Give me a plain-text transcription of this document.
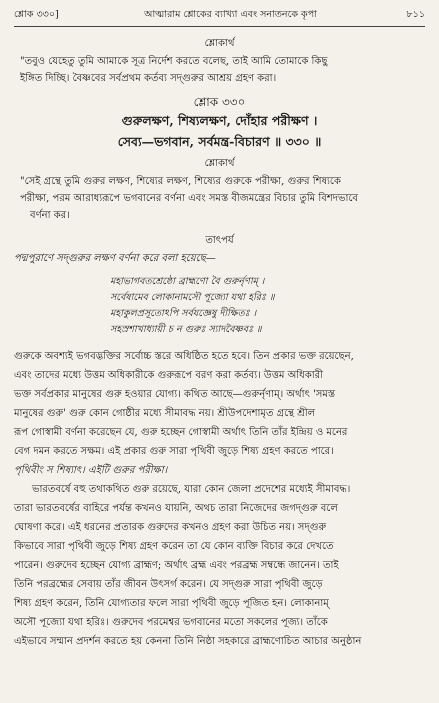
শ্লোক ৩৩০]	আত্মারাম শ্লোকের ব্যাখ্যা এবং সনাতনকে কৃপা	৮১১
শ্লোকার্থ
"তবুও যেহেতু তুমি আমাকে সূত্র নির্দেশ করতে বলেছ, তাই আমি তোমাকে কিছু
ইঙ্গিত দিচ্ছি। বৈষ্ণবের সর্বপ্রথম কর্তব্য সদ্গুরুর আশ্রয় গ্রহণ করা।
শ্লোক ৩৩০
গুরুলক্ষণ, শিষ্যলক্ষণ, দোঁহার পরীক্ষণ ।
সেব্য—ভগবান, সর্বমন্ত্র-বিচারণ ॥ ৩৩০ ॥
শ্লোকার্থ
"সেই গ্রন্থে তুমি গুরুর লক্ষণ, শিষ্যের লক্ষণ, শিষ্যের গুরুকে পরীক্ষা, গুরুর শিষ্যকে
পরীক্ষা, পরম আরাধ্যরূপে ভগবানের বর্ণনা এবং সমস্ত বীজমন্ত্রের বিচার তুমি বিশদভাবে
বর্ণনা কর।
তাৎপর্য
পদ্মপুরাণে সদ্গুরুর লক্ষণ বর্ণনা করে বলা হয়েছে—
মহাভাগবতশ্রেষ্ঠো ব্রাহ্মণো বৈ গুরুর্নৃণাম্ ।
সর্বেষামেব লোকানামসৌ পূজ্যো যথা হরিঃ ॥
মহাকুলপ্রসূতোঽপি সর্বযজ্ঞেষু দীক্ষিতঃ ।
সহস্রশাখাধ্যায়ী চ ন গুরুঃ স্যাদবৈষ্ণবঃ ॥
গুরুকে অবশ্যই ভগবদ্ভক্তির সর্বোচ্চ স্তরে অধিষ্ঠিত হতে হবে। তিন প্রকার ভক্ত রয়েছেন,
এবং তাদের মধ্যে উত্তম অধিকারীকে গুরুরূপে বরণ করা কর্তব্য। উত্তম অধিকারী
ভক্ত সর্বপ্রকার মানুষের গুরু হওয়ার যোগ্য। কথিত আছে—গুরুর্নৃণাম্। অর্থাৎ 'সমস্ত
মানুষের গুরু' গুরু কোন গোষ্ঠীর মধ্যে সীমাবদ্ধ নয়। শ্রীউপদেশামৃত গ্রন্থে শ্রীল
রূপ গোস্বামী বর্ণনা করেছেন যে, গুরু হচ্ছেন গোস্বামী অর্থাৎ তিনি তাঁর ইন্দ্রিয় ও মনের
বেগ দমন করতে সক্ষম। এই প্রকার গুরু সারা পৃথিবী জুড়ে শিষ্য গ্রহণ করতে পারে।
পৃথিবীং স শিষ্যাৎ। এইটি গুরুর পরীক্ষা।
ভারতবর্ষে বহু তথাকথিত গুরু রয়েছে, যারা কোন জেলা প্রদেশের মধ্যেই সীমাবদ্ধ।
তারা ভারতবর্ষের বাহিরে পর্যন্ত কখনও যায়নি, অথচ তারা নিজেদের জগদ্গুরু বলে
ঘোষণা করে। এই ধরনের প্রতারক গুরুদের কখনও গ্রহণ করা উচিত নয়। সদ্গুরু
কিভাবে সারা পৃথিবী জুড়ে শিষ্য গ্রহণ করেন তা যে কোন ব্যক্তি বিচার করে দেখতে
পারেন। গুরুদেব হচ্ছেন যোগ্য ব্রাহ্মণ; অর্থাৎ ব্রহ্ম এবং পরব্রহ্ম সম্বন্ধে জানেন। তাই
তিনি পরব্রহ্মের সেবায় তাঁর জীবন উৎসর্গ করেন। যে সদ্গুরু সারা পৃথিবী জুড়ে
শিষ্য গ্রহণ করেন, তিনি যোগ্যতার ফলে সারা পৃথিবী জুড়ে পূজিত হন। লোকানাম্
অসৌ পূজ্যো যথা হরিঃ। গুরুদেব পরমেশ্বর ভগবানের মতো সকলের পূজ্য। তাঁকে
এইভাবে সম্মান প্রদর্শন করতে হয় কেননা তিনি নিষ্ঠা সহকারে ব্রাহ্মণোচিত আচার অনুষ্ঠান
